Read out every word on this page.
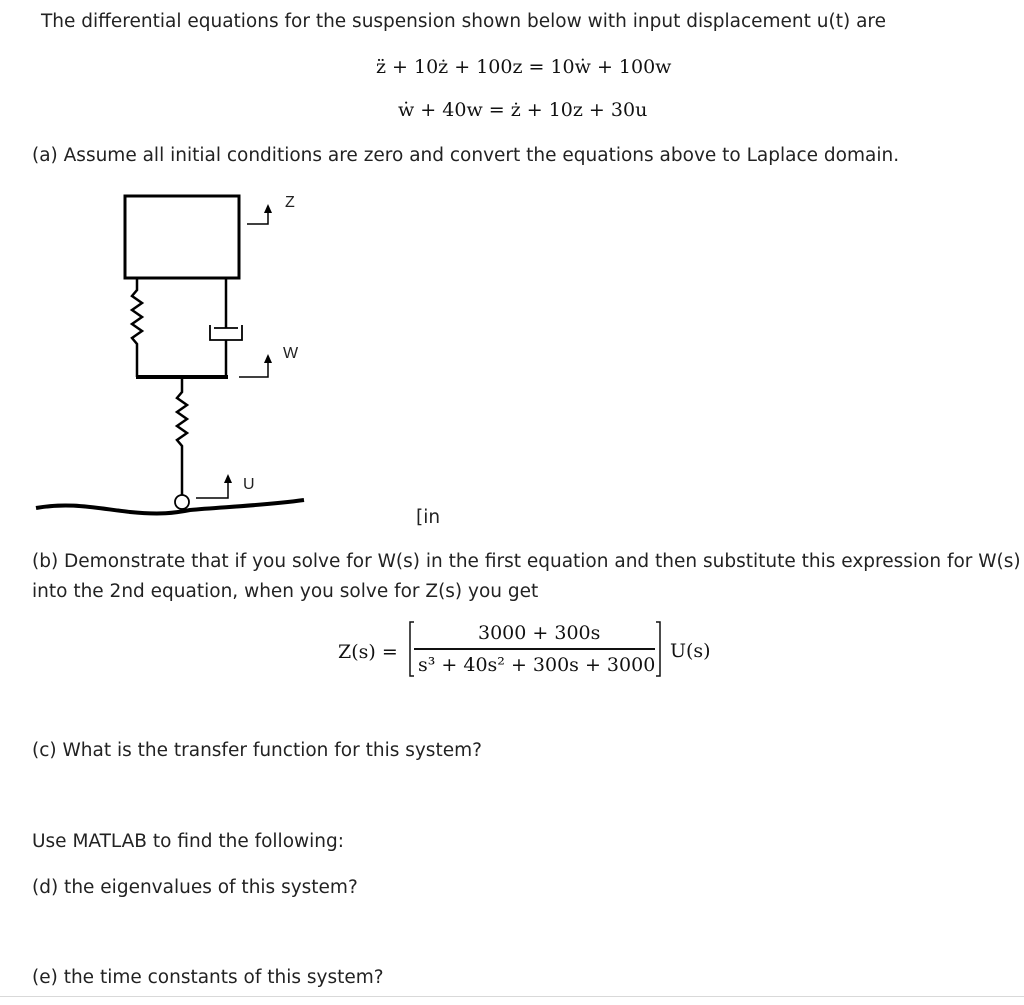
The differential equations for the suspension shown below with input displacement u(t) are
z̈ + 10ż + 100z = 10ẇ + 100w
ẇ + 40w = ż + 10z + 30u
(a) Assume all initial conditions are zero and convert the equations above to Laplace domain.
Z
W
U
[in
(b) Demonstrate that if you solve for W(s) in the first equation and then substitute this expression for W(s)
into the 2nd equation, when you solve for Z(s) you get
Z(s) =
3000 + 300s
s³ + 40s² + 300s + 3000
U(s)
(c) What is the transfer function for this system?
Use MATLAB to find the following:
(d) the eigenvalues of this system?
(e) the time constants of this system?
